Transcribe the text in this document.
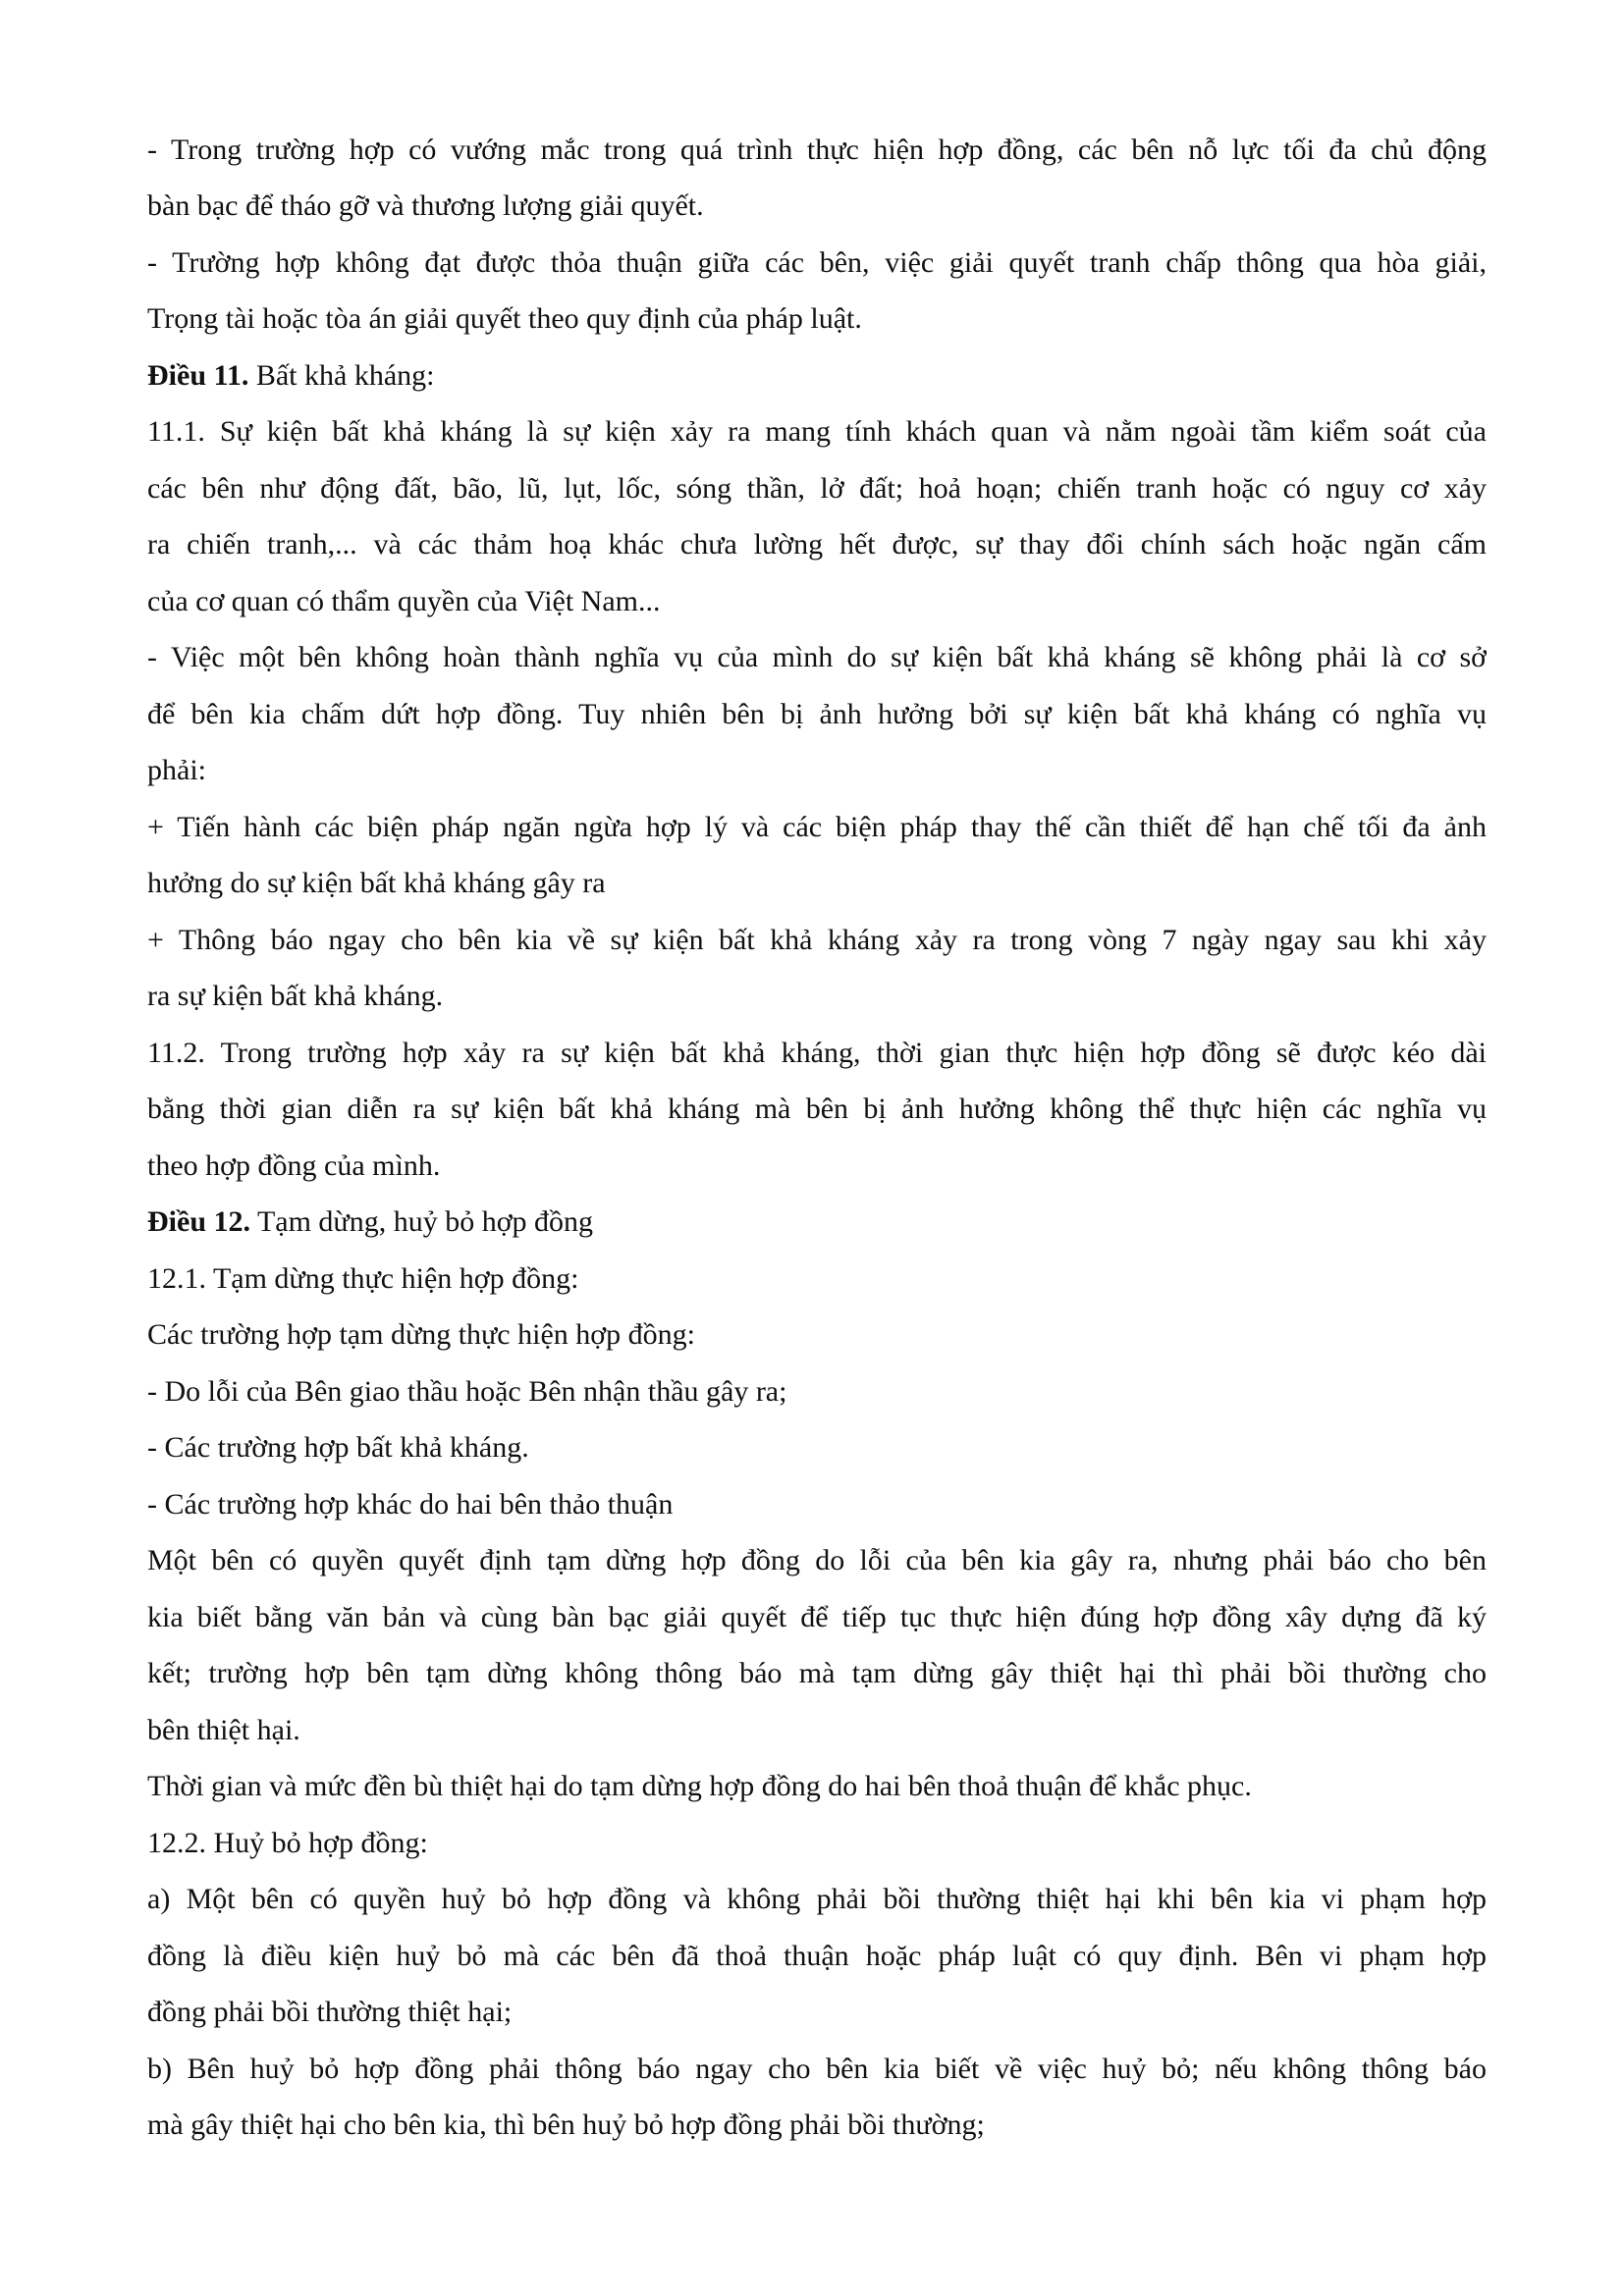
- Trong trường hợp có vướng mắc trong quá trình thực hiện hợp đồng, các bên nỗ lực tối đa chủ động
bàn bạc để tháo gỡ và thương lượng giải quyết.
- Trường hợp không đạt được thỏa thuận giữa các bên, việc giải quyết tranh chấp thông qua hòa giải,
Trọng tài hoặc tòa án giải quyết theo quy định của pháp luật.
Điều 11. Bất khả kháng:
11.1. Sự kiện bất khả kháng là sự kiện xảy ra mang tính khách quan và nằm ngoài tầm kiểm soát của
các bên như động đất, bão, lũ, lụt, lốc, sóng thần, lở đất; hoả hoạn; chiến tranh hoặc có nguy cơ xảy
ra chiến tranh,... và các thảm hoạ khác chưa lường hết được, sự thay đổi chính sách hoặc ngăn cấm
của cơ quan có thẩm quyền của Việt Nam...
- Việc một bên không hoàn thành nghĩa vụ của mình do sự kiện bất khả kháng sẽ không phải là cơ sở
để bên kia chấm dứt hợp đồng. Tuy nhiên bên bị ảnh hưởng bởi sự kiện bất khả kháng có nghĩa vụ
phải:
+ Tiến hành các biện pháp ngăn ngừa hợp lý và các biện pháp thay thế cần thiết để hạn chế tối đa ảnh
hưởng do sự kiện bất khả kháng gây ra
+ Thông báo ngay cho bên kia về sự kiện bất khả kháng xảy ra trong vòng 7 ngày ngay sau khi xảy
ra sự kiện bất khả kháng.
11.2. Trong trường hợp xảy ra sự kiện bất khả kháng, thời gian thực hiện hợp đồng sẽ được kéo dài
bằng thời gian diễn ra sự kiện bất khả kháng mà bên bị ảnh hưởng không thể thực hiện các nghĩa vụ
theo hợp đồng của mình.
Điều 12. Tạm dừng, huỷ bỏ hợp đồng
12.1. Tạm dừng thực hiện hợp đồng:
Các trường hợp tạm dừng thực hiện hợp đồng:
- Do lỗi của Bên giao thầu hoặc Bên nhận thầu gây ra;
- Các trường hợp bất khả kháng.
- Các trường hợp khác do hai bên thảo thuận
Một bên có quyền quyết định tạm dừng hợp đồng do lỗi của bên kia gây ra, nhưng phải báo cho bên
kia biết bằng văn bản và cùng bàn bạc giải quyết để tiếp tục thực hiện đúng hợp đồng xây dựng đã ký
kết; trường hợp bên tạm dừng không thông báo mà tạm dừng gây thiệt hại thì phải bồi thường cho
bên thiệt hại.
Thời gian và mức đền bù thiệt hại do tạm dừng hợp đồng do hai bên thoả thuận để khắc phục.
12.2. Huỷ bỏ hợp đồng:
a) Một bên có quyền huỷ bỏ hợp đồng và không phải bồi thường thiệt hại khi bên kia vi phạm hợp
đồng là điều kiện huỷ bỏ mà các bên đã thoả thuận hoặc pháp luật có quy định. Bên vi phạm hợp
đồng phải bồi thường thiệt hại;
b) Bên huỷ bỏ hợp đồng phải thông báo ngay cho bên kia biết về việc huỷ bỏ; nếu không thông báo
mà gây thiệt hại cho bên kia, thì bên huỷ bỏ hợp đồng phải bồi thường;
